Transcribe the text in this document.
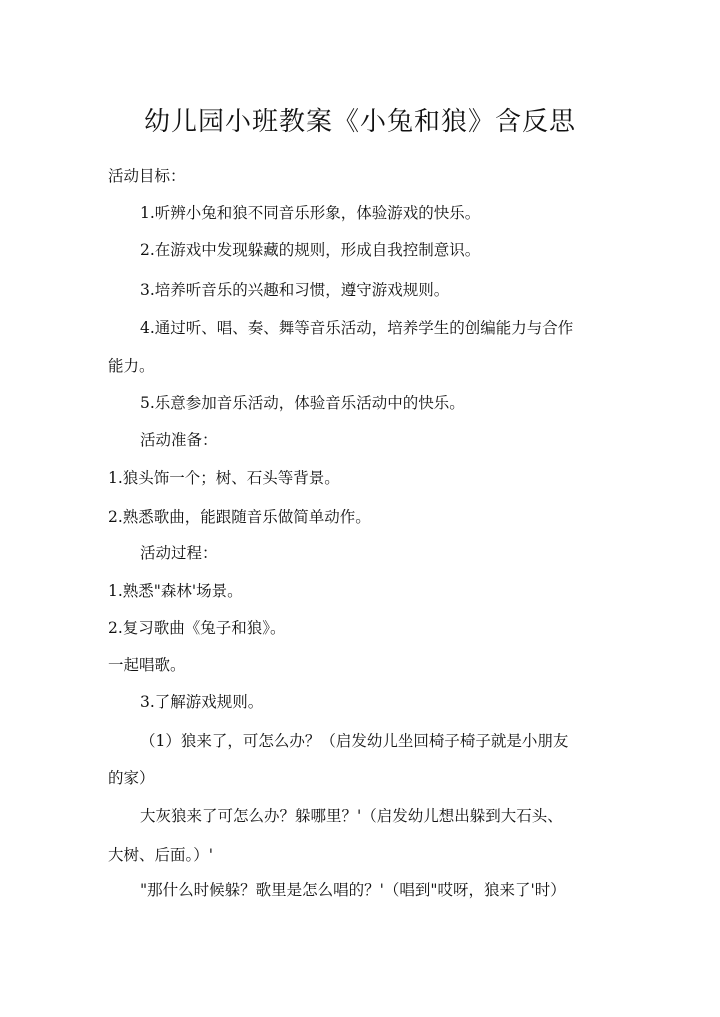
幼儿园小班教案《小兔和狼》含反思

活动目标：

1.听辨小兔和狼不同音乐形象，体验游戏的快乐。

2.在游戏中发现躲藏的规则，形成自我控制意识。

3.培养听音乐的兴趣和习惯，遵守游戏规则。

4.通过听、唱、奏、舞等音乐活动，培养学生的创编能力与合作

能力。

5.乐意参加音乐活动，体验音乐活动中的快乐。

活动准备：

1.狼头饰一个；树、石头等背景。

2.熟悉歌曲，能跟随音乐做简单动作。

活动过程：

1.熟悉"森林'场景。

2.复习歌曲《兔子和狼》。

一起唱歌。

3.了解游戏规则。

（1）狼来了，可怎么办？（启发幼儿坐回椅子椅子就是小朋友

的家）

大灰狼来了可怎么办？躲哪里？'（启发幼儿想出躲到大石头、

大树、后面。）'

"那什么时候躲？歌里是怎么唱的？'（唱到"哎呀，狼来了'时）
